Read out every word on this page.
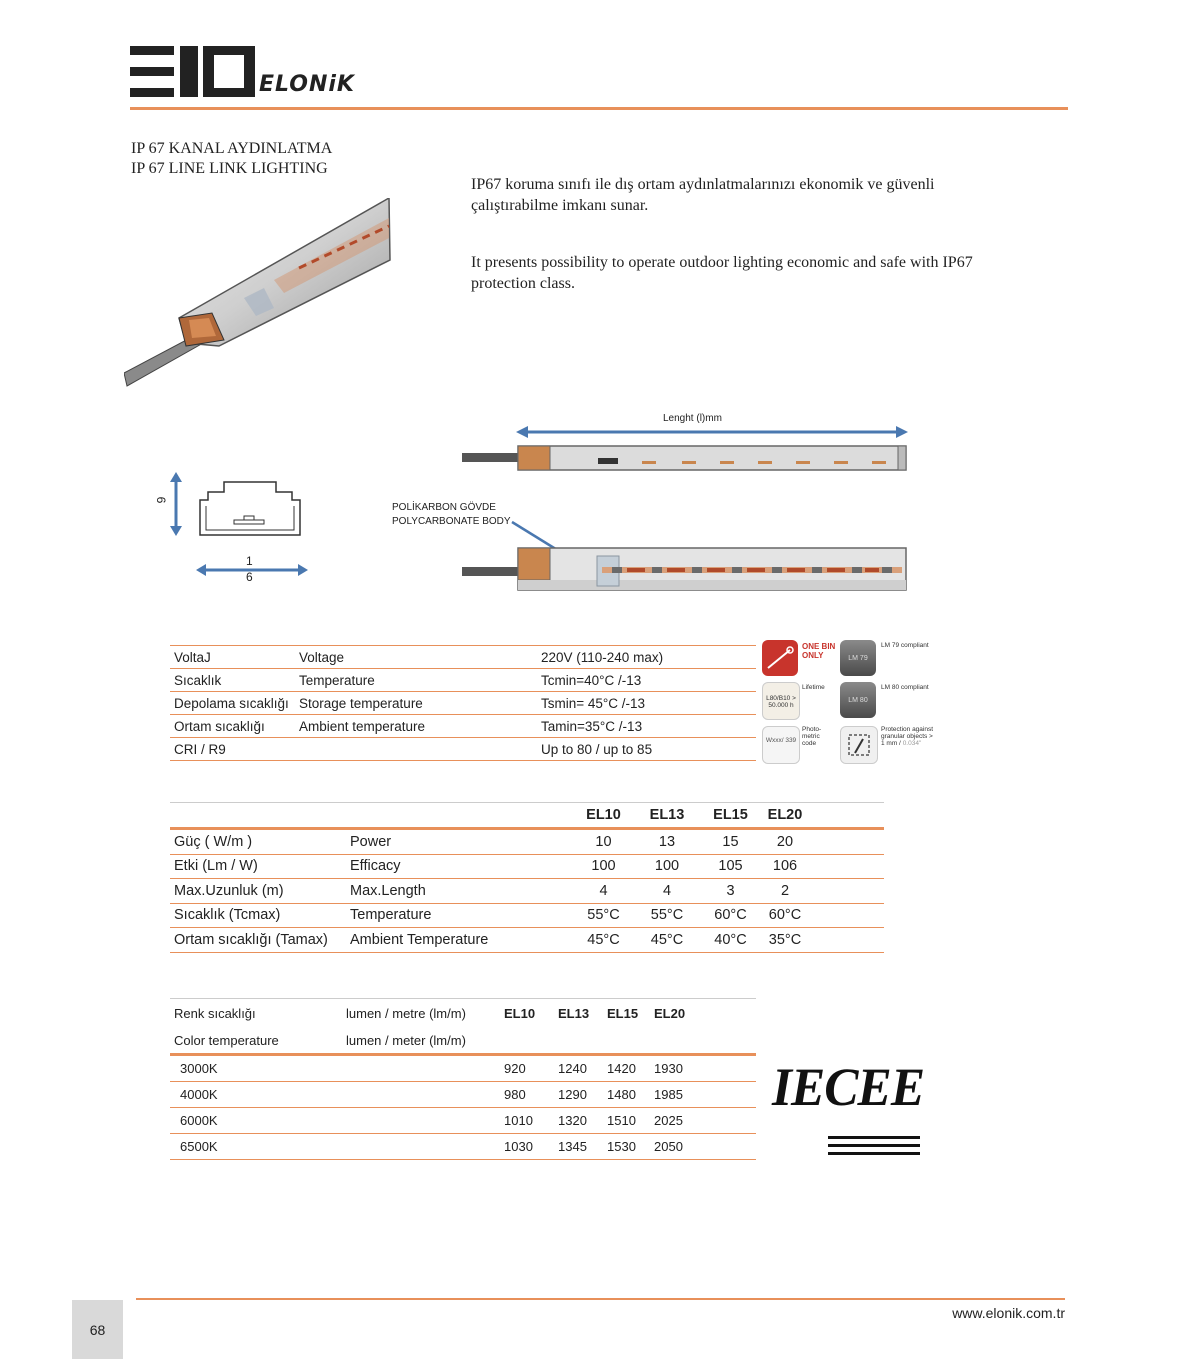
ELONiK
IP 67 KANAL AYDINLATMA
IP 67 LINE LINK LIGHTING
IP67 koruma sınıfı ile dış ortam aydınlatmalarınızı ekonomik ve güvenli çalıştırabilme imkanı sunar.
It presents possibility to operate outdoor lighting economic and safe with IP67 protection class.
9
1
6
Lenght (l)mm
POLİKARBON GÖVDE
POLYCARBONATE BODY
VoltaJ	Voltage	220V (110-240 max)
Sıcaklık	Temperature	Tcmin=40°C /-13
Depolama sıcaklığı	Storage temperature	Tsmin= 45°C /-13
Ortam sıcaklığı	Ambient temperature	Tamin=35°C /-13
CRI / R9		Up to 80 / up to 85
ONE BIN ONLY	LM 79
LM 79 compliant
Lifetime
L80/B10 > 50.000 h
LM 80
LM 80 compliant
Wxxx/ 339
Photo- metric code
Protection against granular objects > 1 mm / 0.034"
		EL10	EL13	EL15	EL20	
Güç ( W/m )	Power	10	13	15	20	
Etki (Lm / W)	Efficacy	100	100	105	106	
Max.Uzunluk (m)	Max.Length	4	4	3	2	
Sıcaklık (Tcmax)	Temperature	55°C	55°C	60°C	60°C	
Ortam sıcaklığı (Tamax)	Ambient Temperature	45°C	45°C	40°C	35°C	
Renk sıcaklığı	lumen / metre (lm/m)	EL10	EL13	EL15	EL20	
Color temperature	lumen / meter (lm/m)					
3000K		920	1240	1420	1930	
4000K		980	1290	1480	1985	
6000K		1010	1320	1510	2025	
6500K		1030	1345	1530	2050	
IECEE
68
www.elonik.com.tr
